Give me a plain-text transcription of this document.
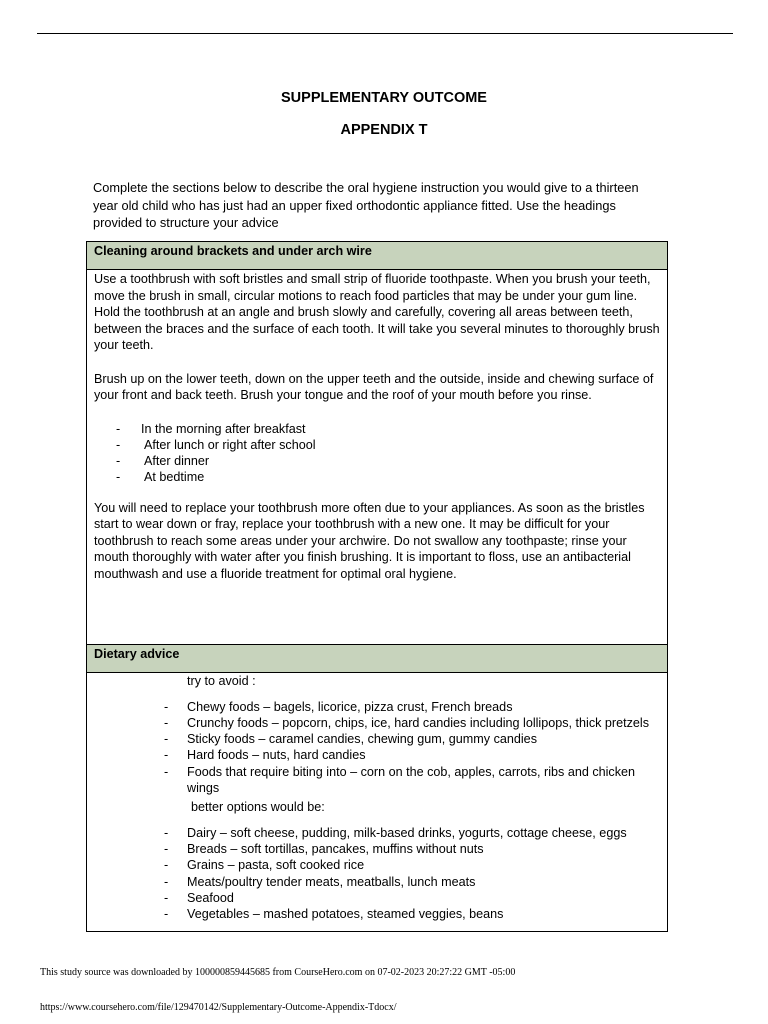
SUPPLEMENTARY OUTCOME
APPENDIX T
Complete the sections below to describe the oral hygiene instruction you would give to a thirteen year old child who has just had an upper fixed orthodontic appliance fitted. Use the headings provided to structure your advice
Cleaning around brackets and under arch wire

Use a toothbrush with soft bristles and small strip of fluoride toothpaste. When you brush your teeth, move the brush in small, circular motions to reach food particles that may be under your gum line. Hold the toothbrush at an angle and brush slowly and carefully, covering all areas between teeth, between the braces and the surface of each tooth. It will take you several minutes to thoroughly brush your teeth.

Brush up on the lower teeth, down on the upper teeth and the outside, inside and chewing surface of your front and back teeth. Brush your tongue and the roof of your mouth before you rinse.

- In the morning after breakfast
- After lunch or right after school
- After dinner
- At bedtime

You will need to replace your toothbrush more often due to your appliances. As soon as the bristles start to wear down or fray, replace your toothbrush with a new one. It may be difficult for your toothbrush to reach some areas under your archwire. Do not swallow any toothpaste; rinse your mouth thoroughly with water after you finish brushing. It is important to floss, use an antibacterial mouthwash and use a fluoride treatment for optimal oral hygiene.

Dietary advice

try to avoid :
- Chewy foods – bagels, licorice, pizza crust, French breads
- Crunchy foods – popcorn, chips, ice, hard candies including lollipops, thick pretzels
- Sticky foods – caramel candies, chewing gum, gummy candies
- Hard foods – nuts, hard candies
- Foods that require biting into – corn on the cob, apples, carrots, ribs and chicken wings
better options would be:
- Dairy – soft cheese, pudding, milk-based drinks, yogurts, cottage cheese, eggs
- Breads – soft tortillas, pancakes, muffins without nuts
- Grains – pasta, soft cooked rice
- Meats/poultry tender meats, meatballs, lunch meats
- Seafood
- Vegetables – mashed potatoes, steamed veggies, beans
This study source was downloaded by 100000859445685 from CourseHero.com on 07-02-2023 20:27:22 GMT -05:00
https://www.coursehero.com/file/129470142/Supplementary-Outcome-Appendix-Tdocx/
